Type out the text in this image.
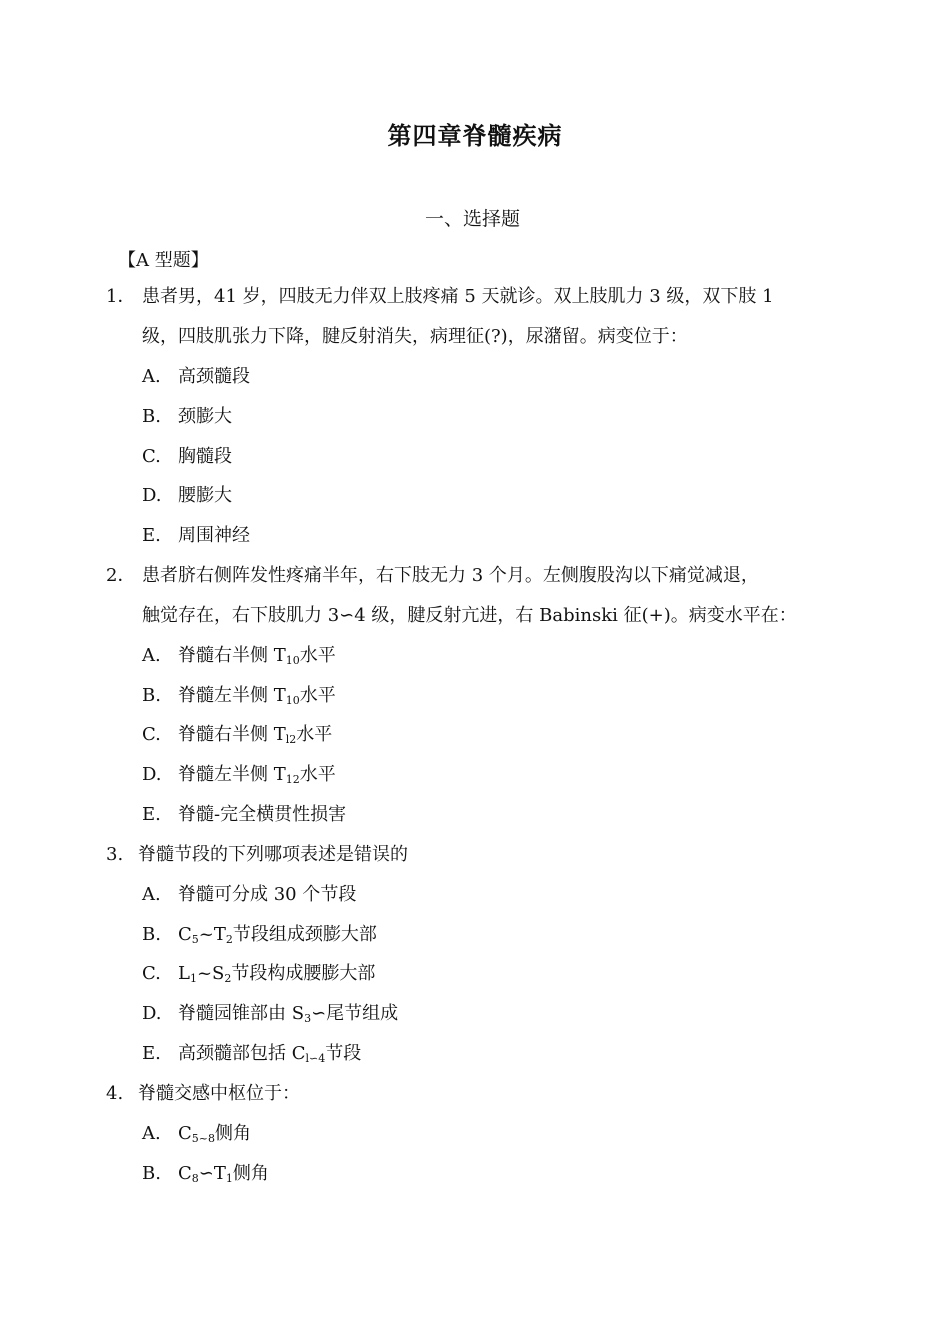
第四章脊髓疾病
一、选择题
【A 型题】
1． 患者男，41 岁，四肢无力伴双上肢疼痛 5 天就诊。双上肢肌力 3 级，双下肢 1
级，四肢肌张力下降，腱反射消失，病理征(?)，尿潴留。病变位于：
A. 高颈髓段
B. 颈膨大
C. 胸髓段
D. 腰膨大
E. 周围神经
2． 患者脐右侧阵发性疼痛半年，右下肢无力 3 个月。左侧腹股沟以下痛觉减退，
触觉存在，右下肢肌力 3∽4 级，腱反射亢进，右 Babinski 征(+)。病变水平在：
A. 脊髓右半侧 $T_{10}$水平
B. 脊髓左半侧 $T_{10}$水平
C. 脊髓右半侧 $T_{l2}$水平
D. 脊髓左半侧 $T_{12}$水平
E. 脊髓-完全横贯性损害
3. 脊髓节段的下列哪项表述是错误的
A. 脊髓可分成 30 个节段
B. $C_5\sim T_2$节段组成颈膨大部
C. $L_1\sim S_2$节段构成腰膨大部
D. 脊髓园锥部由 $S_3∽$尾节组成
E. 高颈髓部包括 $C_{l∽4}$节段
4. 脊髓交感中枢位于：
A. $C_{5\sim 8}$侧角
B. $C_8∽T_1$侧角
